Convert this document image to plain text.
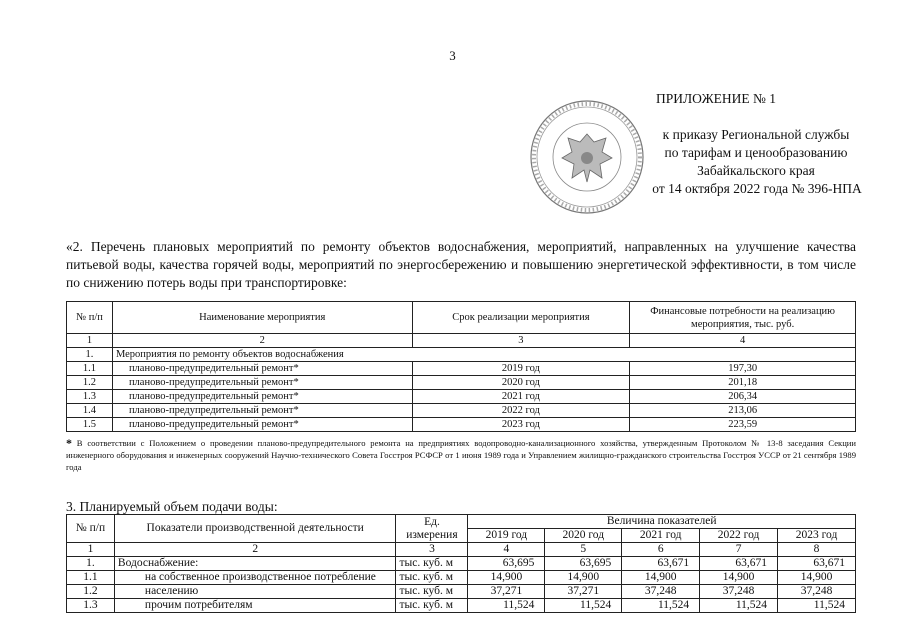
3
ПРИЛОЖЕНИЕ № 1
к приказу Региональной службы
по тарифам и ценообразованию
Забайкальского края
от 14 октября 2022 года № 396-НПА
«2. Перечень плановых мероприятий по ремонту объектов водоснабжения, мероприятий, направленных на улучшение качества питьевой воды, качества горячей воды, мероприятий по энергосбережению и повышению энергетической эффективности, в том числе по снижению потерь воды при транспортировке:
№ п/п	Наименование мероприятия	Срок реализации мероприятия	Финансовые потребности на реализацию мероприятия, тыс. руб.
1	2	3	4
1.	Мероприятия по ремонту объектов водоснабжения		
1.1	планово-предупредительный ремонт*	2019 год	197,30
1.2	планово-предупредительный ремонт*	2020 год	201,18
1.3	планово-предупредительный ремонт*	2021 год	206,34
1.4	планово-предупредительный ремонт*	2022 год	213,06
1.5	планово-предупредительный ремонт*	2023 год	223,59
* В соответствии с Положением о проведении планово-предупредительного ремонта на предприятиях водопроводно-канализационного хозяйства, утвержденным Протоколом № 13-8 заседания Секции инженерного оборудования и инженерных сооружений Научно-технического Совета Госстроя РСФСР от 1 июня 1989 года и Управлением жилищно-гражданского строительства Госстроя УССР от 21 сентября 1989 года
3. Планируемый объем подачи воды:
№ п/п	Показатели производственной деятельности	Ед. измерения	Величина показателей				
			2019 год	2020 год	2021 год	2022 год	2023 год
1	2	3	4	5	6	7	8
1.	Водоснабжение:	тыс. куб. м	63,695	63,695	63,671	63,671	63,671
1.1	на собственное производственное потребление	тыс. куб. м	14,900	14,900	14,900	14,900	14,900
1.2	населению	тыс. куб. м	37,271	37,271	37,248	37,248	37,248
1.3	прочим потребителям	тыс. куб. м	11,524	11,524	11,524	11,524	11,524
